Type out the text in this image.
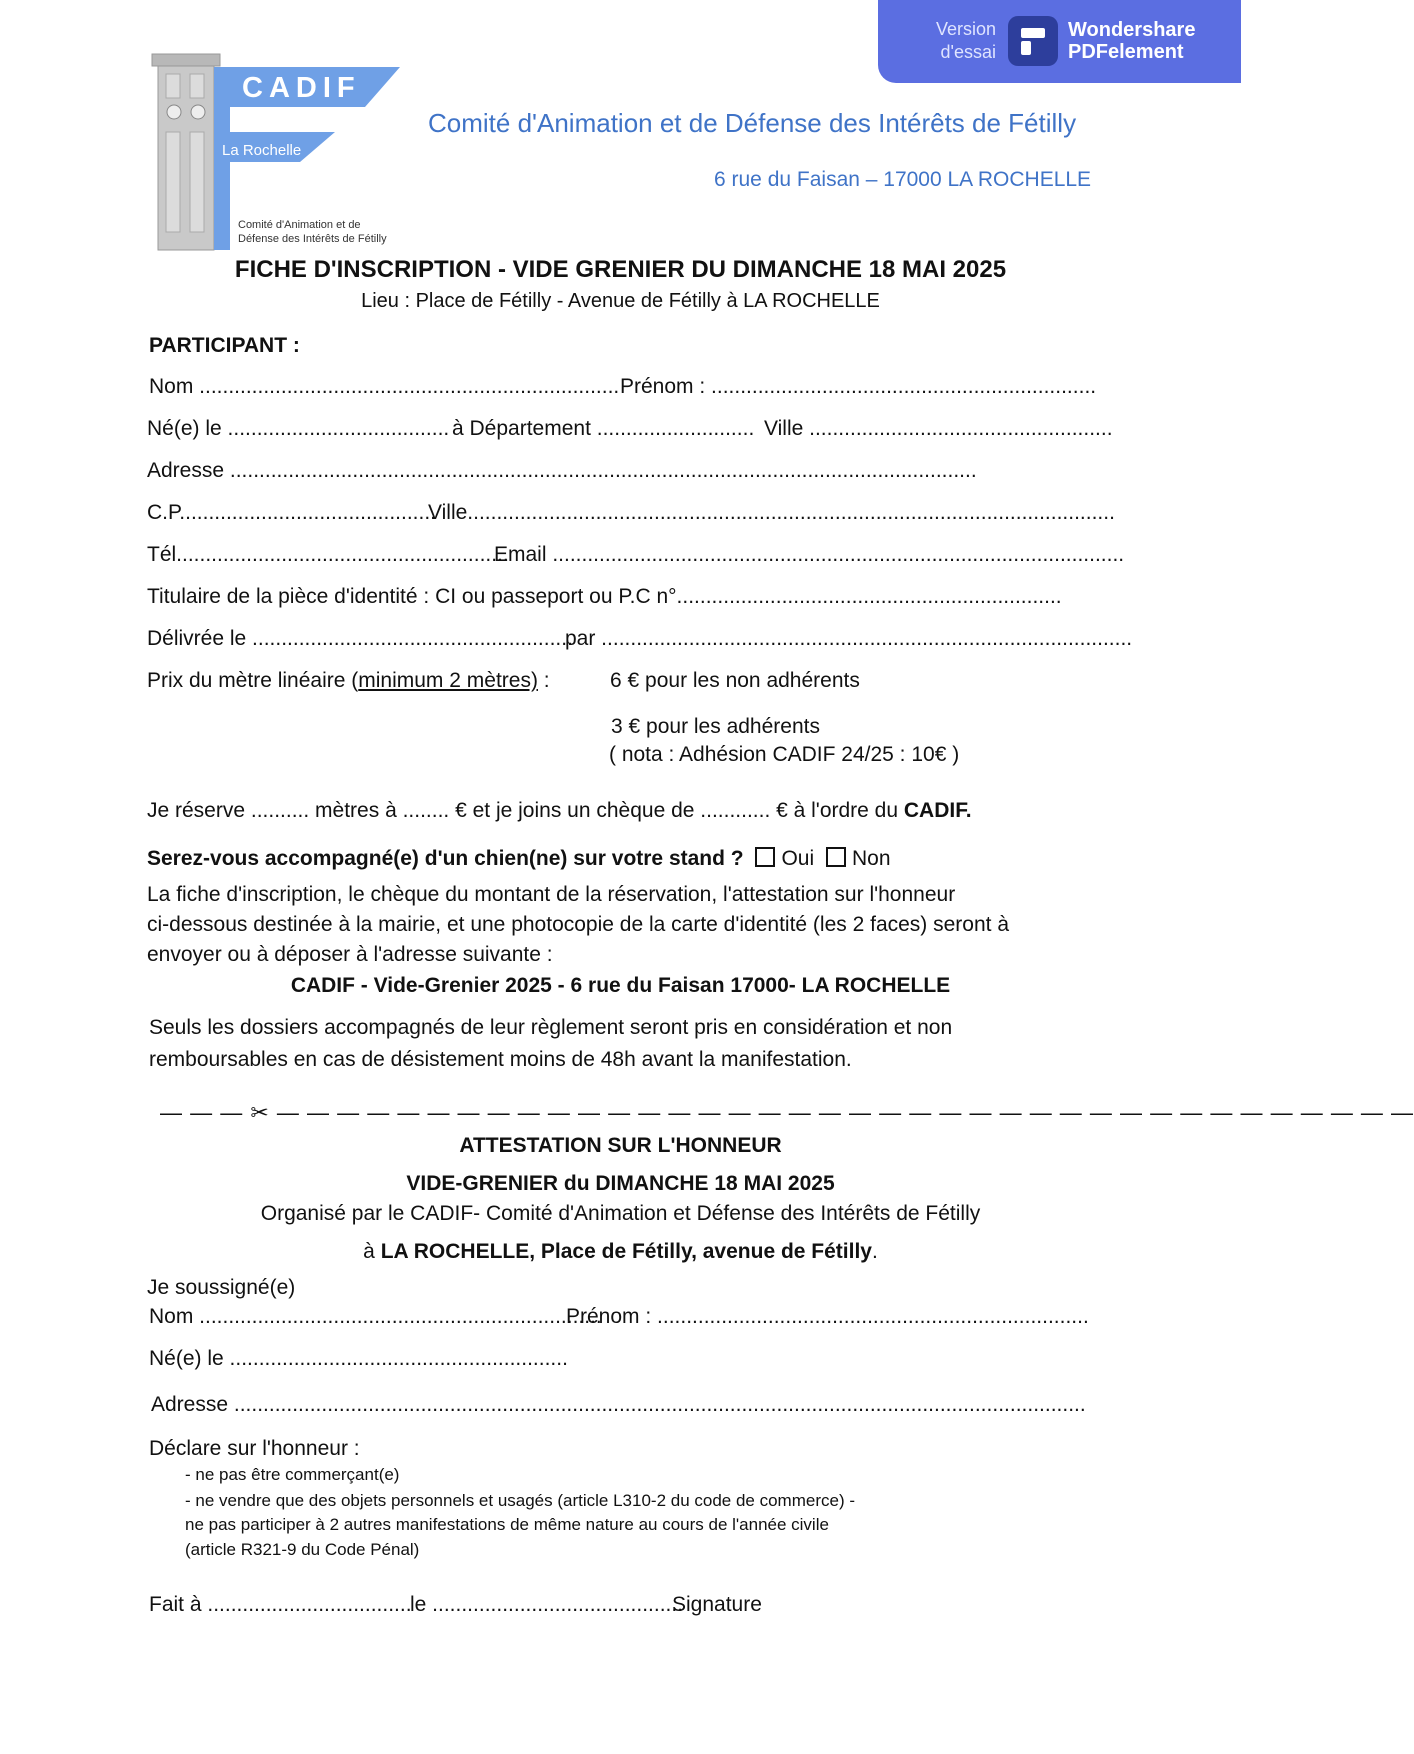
Version
d'essai
Wondershare
PDFelement
CADIF
La Rochelle
Comité d'Animation et de
Défense des Intérêts de Fétilly
Comité d'Animation et de Défense des Intérêts de Fétilly
6 rue du Faisan – 17000 LA ROCHELLE
FICHE D'INSCRIPTION - VIDE GRENIER DU DIMANCHE 18 MAI 2025
Lieu : Place de Fétilly - Avenue de Fétilly à LA ROCHELLE
PARTICIPANT :
Nom ........................................................................ Prénom : ..................................................................
Né(e) le ...................................... à Département ........................... Ville ....................................................
Adresse ................................................................................................................................
C.P............................................
Ville...............................................................................................................
Tél.........................................................
Email ..................................................................................................
Titulaire de la pièce d'identité : CI ou passeport ou P.C n°..................................................................
Délivrée le .......................................................
par ...........................................................................................
Prix du mètre linéaire (minimum 2 mètres) :	6 € pour les non adhérents
3 € pour les adhérents
( nota : Adhésion CADIF 24/25 : 10€ )
Je réserve .......... mètres à ........ € et je joins un chèque de ............ € à l'ordre du CADIF.
Serez-vous accompagné(e) d'un chien(ne) sur votre stand ? Oui Non
La fiche d'inscription, le chèque du montant de la réservation, l'attestation sur l'honneur
ci-dessous destinée à la mairie, et une photocopie de la carte d'identité (les 2 faces) seront à
envoyer ou à déposer à l'adresse suivante :
CADIF - Vide-Grenier 2025 - 6 rue du Faisan 17000- LA ROCHELLE
Seuls les dossiers accompagnés de leur règlement seront pris en considération et non
remboursables en cas de désistement moins de 48h avant la manifestation.
— — — ✂ — — — — — — — — — — — — — — — — — — — — — — — — — — — — — — — — — — — — — —
ATTESTATION SUR L'HONNEUR
VIDE-GRENIER du DIMANCHE 18 MAI 2025
Organisé par le CADIF- Comité d'Animation et Défense des Intérêts de Fétilly
à LA ROCHELLE, Place de Fétilly, avenue de Fétilly.
Je soussigné(e)
Nom .....................................................................
Prénom : ..........................................................................
Né(e) le ..........................................................
Adresse ..................................................................................................................................................
Déclare sur l'honneur :
- ne pas être commerçant(e)
- ne vendre que des objets personnels et usagés (article L310-2 du code de commerce) -
ne pas participer à 2 autres manifestations de même nature au cours de l'année civile
(article R321-9 du Code Pénal)
Fait à ...................................
le ...........................................
Signature
